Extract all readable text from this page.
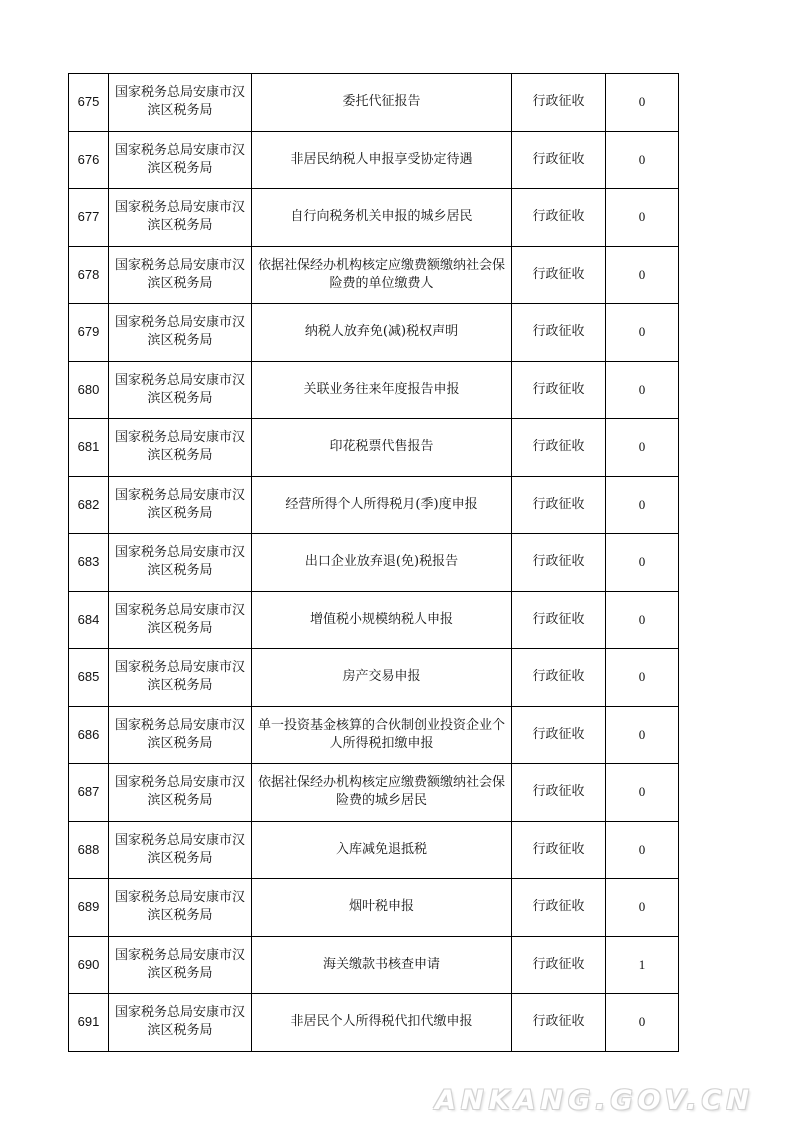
675	国家税务总局安康市汉滨区税务局	委托代征报告	行政征收	0
676	国家税务总局安康市汉滨区税务局	非居民纳税人申报享受协定待遇	行政征收	0
677	国家税务总局安康市汉滨区税务局	自行向税务机关申报的城乡居民	行政征收	0
678	国家税务总局安康市汉滨区税务局	依据社保经办机构核定应缴费额缴纳社会保险费的单位缴费人	行政征收	0
679	国家税务总局安康市汉滨区税务局	纳税人放弃免(减)税权声明	行政征收	0
680	国家税务总局安康市汉滨区税务局	关联业务往来年度报告申报	行政征收	0
681	国家税务总局安康市汉滨区税务局	印花税票代售报告	行政征收	0
682	国家税务总局安康市汉滨区税务局	经营所得个人所得税月(季)度申报	行政征收	0
683	国家税务总局安康市汉滨区税务局	出口企业放弃退(免)税报告	行政征收	0
684	国家税务总局安康市汉滨区税务局	增值税小规模纳税人申报	行政征收	0
685	国家税务总局安康市汉滨区税务局	房产交易申报	行政征收	0
686	国家税务总局安康市汉滨区税务局	单一投资基金核算的合伙制创业投资企业个人所得税扣缴申报	行政征收	0
687	国家税务总局安康市汉滨区税务局	依据社保经办机构核定应缴费额缴纳社会保险费的城乡居民	行政征收	0
688	国家税务总局安康市汉滨区税务局	入库减免退抵税	行政征收	0
689	国家税务总局安康市汉滨区税务局	烟叶税申报	行政征收	0
690	国家税务总局安康市汉滨区税务局	海关缴款书核查申请	行政征收	1
691	国家税务总局安康市汉滨区税务局	非居民个人所得税代扣代缴申报	行政征收	0
ANKANG.GOV.CN
